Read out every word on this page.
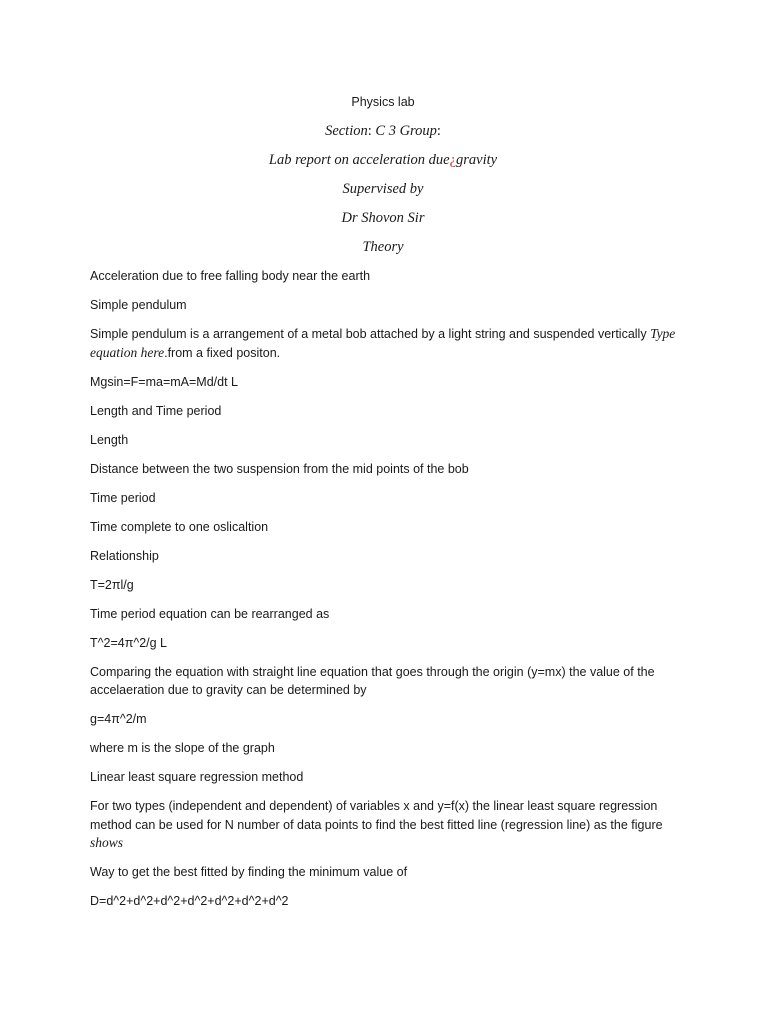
Physics lab
Section: C 3 Group:
Lab report on acceleration due¿gravity
Supervised by
Dr Shovon Sir
Theory

Acceleration due to free falling body near the earth

Simple pendulum

Simple pendulum is a arrangement of a metal bob attached by a light string and suspended vertically Type equation here.from a fixed positon.

Mgsin=F=ma=mA=Md/dt L

Length and Time period

Length

Distance between the two suspension from the mid points of the bob

Time period

Time complete to one oslicaltion

Relationship

T=2πl/g

Time period equation can be rearranged as

T^2=4π^2/g L

Comparing the equation with straight line equation that goes through the origin (y=mx) the value of the accelaeration due to gravity can be determined by

g=4π^2/m

where m is the slope of the graph

Linear least square regression method

For two types (independent and dependent) of variables x and y=f(x) the linear least square regression method can be used for N number of data points to find the best fitted line (regression line) as the figure shows

Way to get the best fitted by finding the minimum value of

D=d^2+d^2+d^2+d^2+d^2+d^2+d^2
